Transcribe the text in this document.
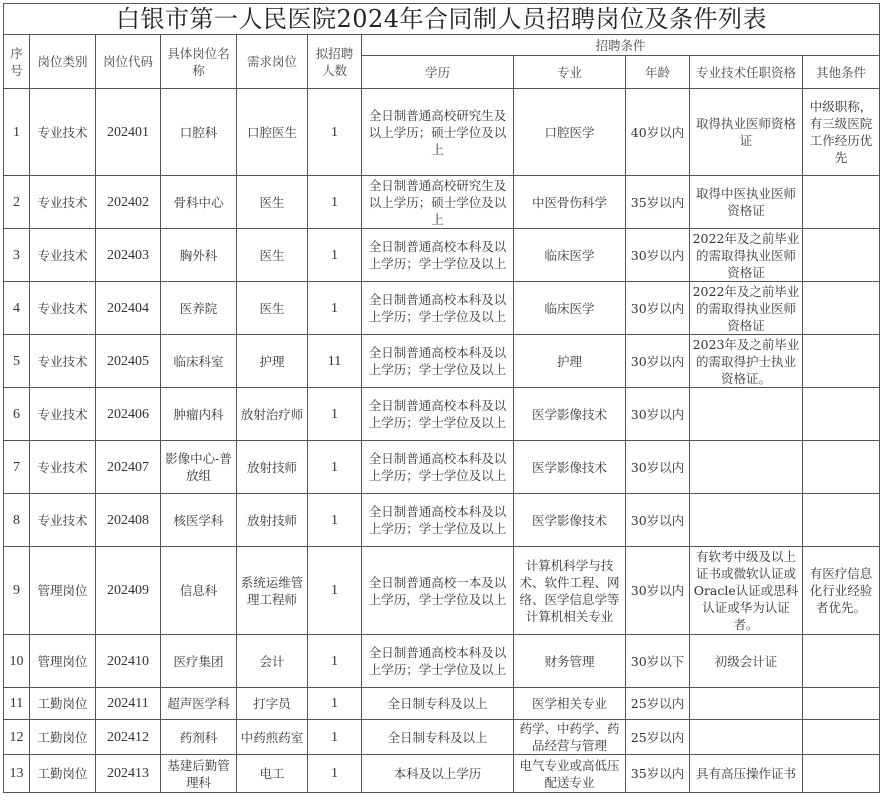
白银市第一人民医院2024年合同制人员招聘岗位及条件列表										
序号	岗位类别	岗位代码	具体岗位名称	需求岗位	拟招聘人数	招聘条件				
						学历	专业	年龄	专业技术任职资格	其他条件
1	专业技术	202401	口腔科	口腔医生	1	全日制普通高校研究生及以上学历；硕士学位及以上	口腔医学	40岁以内	取得执业医师资格证	中级职称，有三级医院工作经历优先
2	专业技术	202402	骨科中心	医生	1	全日制普通高校研究生及以上学历；硕士学位及以上	中医骨伤科学	35岁以内	取得中医执业医师资格证	
3	专业技术	202403	胸外科	医生	1	全日制普通高校本科及以上学历；学士学位及以上	临床医学	30岁以内	2022年及之前毕业的需取得执业医师资格证	
4	专业技术	202404	医养院	医生	1	全日制普通高校本科及以上学历；学士学位及以上	临床医学	30岁以内	2022年及之前毕业的需取得执业医师资格证	
5	专业技术	202405	临床科室	护理	11	全日制普通高校本科及以上学历；学士学位及以上	护理	30岁以内	2023年及之前毕业的需取得护士执业资格证。	
6	专业技术	202406	肿瘤内科	放射治疗师	1	全日制普通高校本科及以上学历；学士学位及以上	医学影像技术	30岁以内		
7	专业技术	202407	影像中心-普放组	放射技师	1	全日制普通高校本科及以上学历；学士学位及以上	医学影像技术	30岁以内		
8	专业技术	202408	核医学科	放射技师	1	全日制普通高校本科及以上学历；学士学位及以上	医学影像技术	30岁以内		
9	管理岗位	202409	信息科	系统运维管理工程师	1	全日制普通高校一本及以上学历，学士学位及以上	计算机科学与技术、软件工程、网络、医学信息学等计算机相关专业	30岁以内	有软考中级及以上证书或微软认证或Oracle认证或思科认证或华为认证者。	有医疗信息化行业经验者优先。
10	管理岗位	202410	医疗集团	会计	1	全日制普通高校本科及以上学历；学士学位及以上	财务管理	30岁以下	初级会计证	
11	工勤岗位	202411	超声医学科	打字员	1	全日制专科及以上	医学相关专业	25岁以内		
12	工勤岗位	202412	药剂科	中药煎药室	1	全日制专科及以上	药学、中药学、药品经营与管理	25岁以内		
13	工勤岗位	202413	基建后勤管理科	电工	1	本科及以上学历	电气专业或高低压配送专业	35岁以内	具有高压操作证书	
